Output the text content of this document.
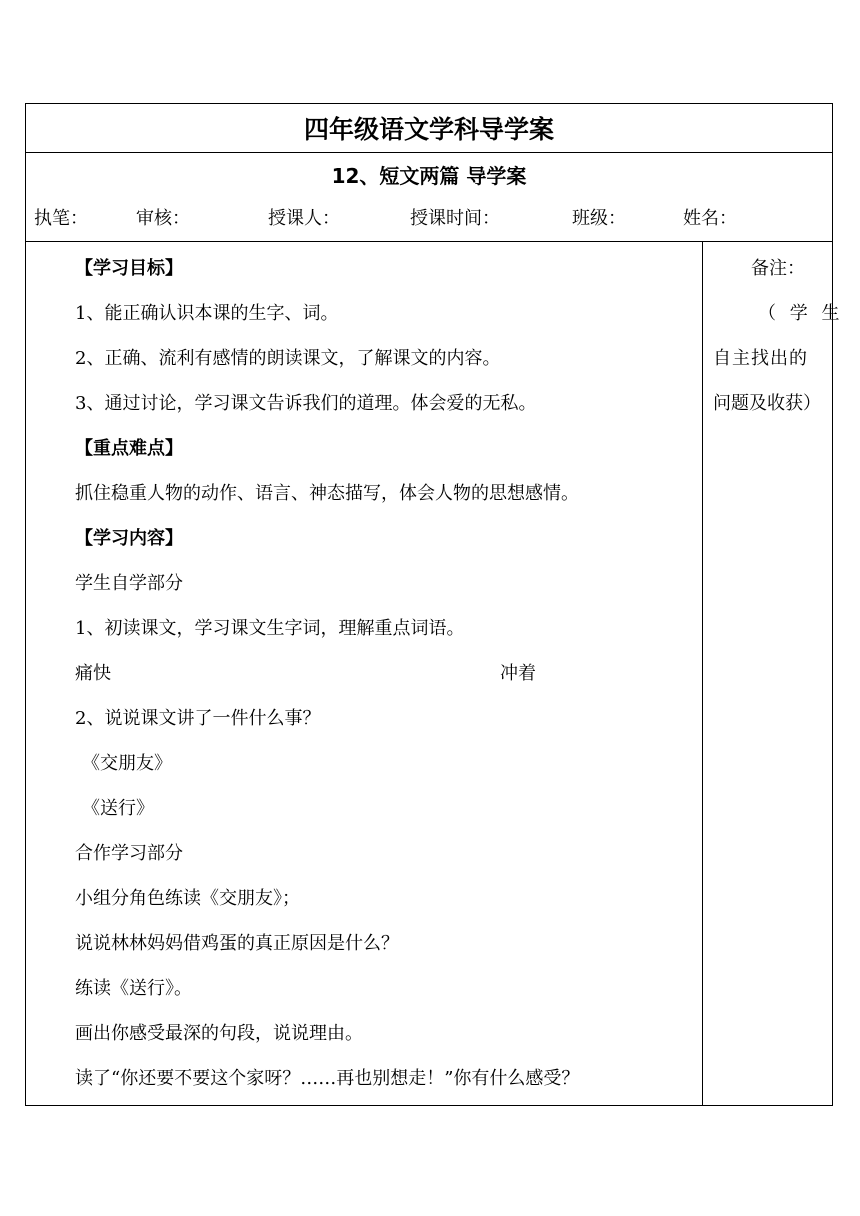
四年级语文学科导学案
12、短文两篇 导学案
执笔：	审核：	授课人：	授课时间：	班级：	姓名：
【学习目标】
1、能正确认识本课的生字、词。
2、正确、流利有感情的朗读课文，了解课文的内容。
3、通过讨论，学习课文告诉我们的道理。体会爱的无私。
【重点难点】
抓住稳重人物的动作、语言、神态描写，体会人物的思想感情。
【学习内容】
学生自学部分
1、初读课文，学习课文生字词，理解重点词语。
痛快	冲着
2、说说课文讲了一件什么事？
《交朋友》
《送行》
合作学习部分
小组分角色练读《交朋友》；
说说林林妈妈借鸡蛋的真正原因是什么？
练读《送行》。
画出你感受最深的句段，说说理由。
读了“你还要不要这个家呀？……再也别想走！”你有什么感受？
备注：
（ 学 生
自主找出的
问题及收获）
